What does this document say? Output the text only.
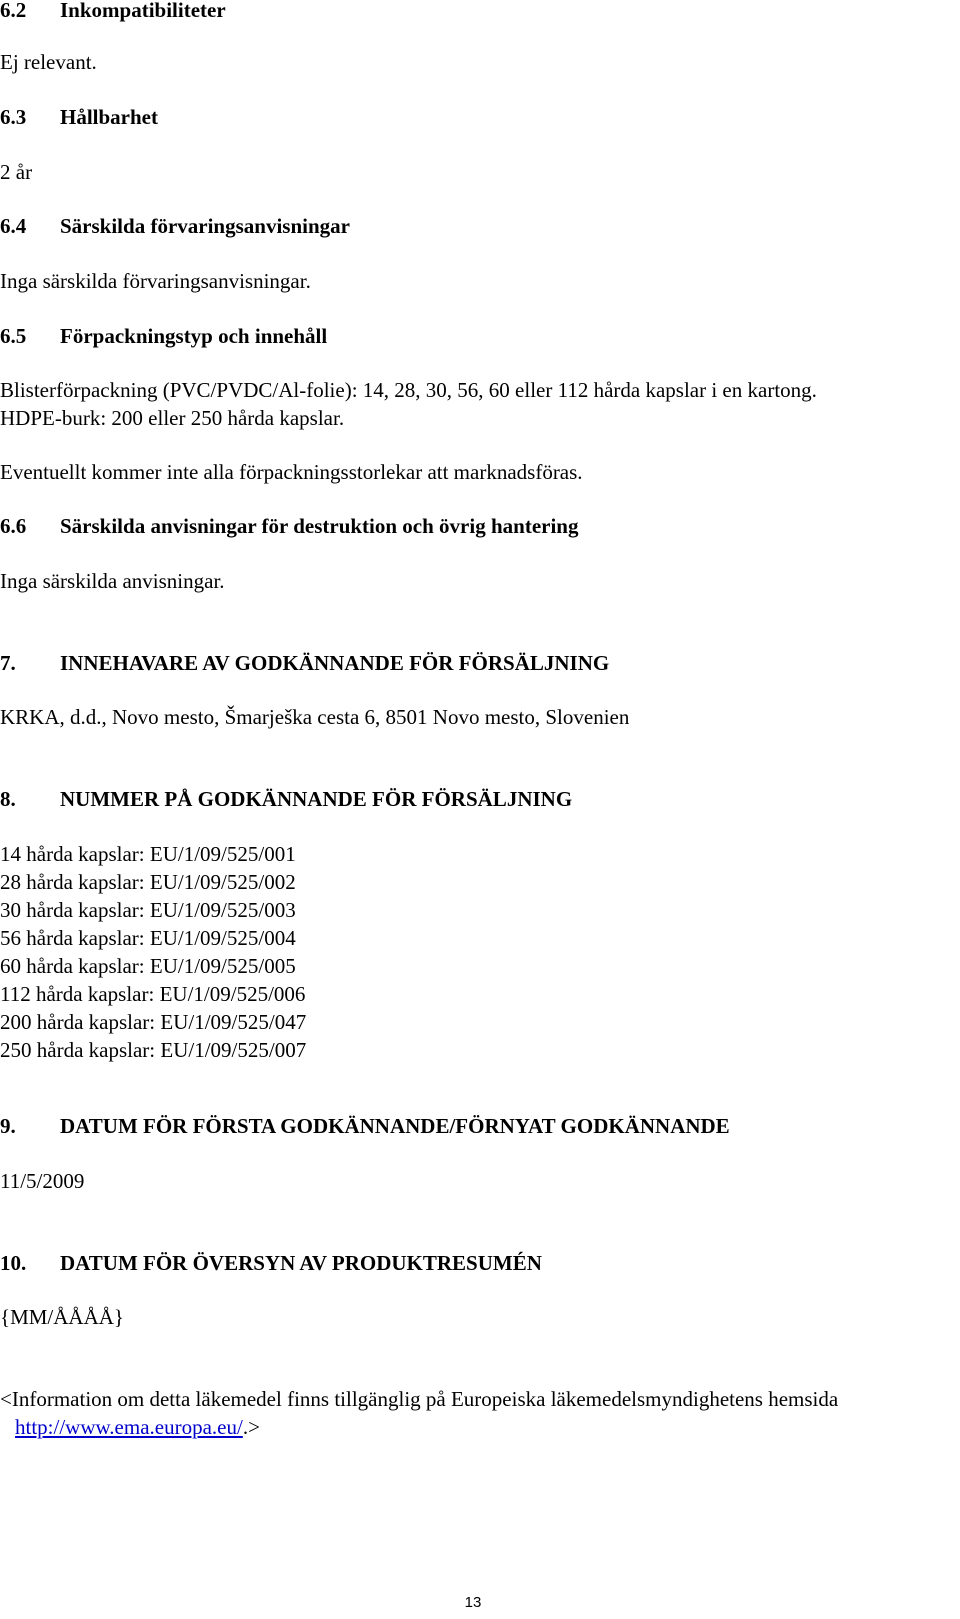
6.2 Inkompatibiliteter
Ej relevant.
6.3 Hållbarhet
2 år
6.4 Särskilda förvaringsanvisningar
Inga särskilda förvaringsanvisningar.
6.5 Förpackningstyp och innehåll
Blisterförpackning (PVC/PVDC/Al-folie): 14, 28, 30, 56, 60 eller 112 hårda kapslar i en kartong.
HDPE-burk: 200 eller 250 hårda kapslar.
Eventuellt kommer inte alla förpackningsstorlekar att marknadsföras.
6.6 Särskilda anvisningar för destruktion och övrig hantering
Inga särskilda anvisningar.
7. INNEHAVARE AV GODKÄNNANDE FÖR FÖRSÄLJNING
KRKA, d.d., Novo mesto, Šmarješka cesta 6, 8501 Novo mesto, Slovenien
8. NUMMER PÅ GODKÄNNANDE FÖR FÖRSÄLJNING
14 hårda kapslar: EU/1/09/525/001
28 hårda kapslar: EU/1/09/525/002
30 hårda kapslar: EU/1/09/525/003
56 hårda kapslar: EU/1/09/525/004
60 hårda kapslar: EU/1/09/525/005
112 hårda kapslar: EU/1/09/525/006
200 hårda kapslar: EU/1/09/525/047
250 hårda kapslar: EU/1/09/525/007
9. DATUM FÖR FÖRSTA GODKÄNNANDE/FÖRNYAT GODKÄNNANDE
11/5/2009
10. DATUM FÖR ÖVERSYN AV PRODUKTRESUMÉN
{MM/ÅÅÅÅ}
<Information om detta läkemedel finns tillgänglig på Europeiska läkemedelsmyndighetens hemsida
http://www.ema.europa.eu/.>
13
